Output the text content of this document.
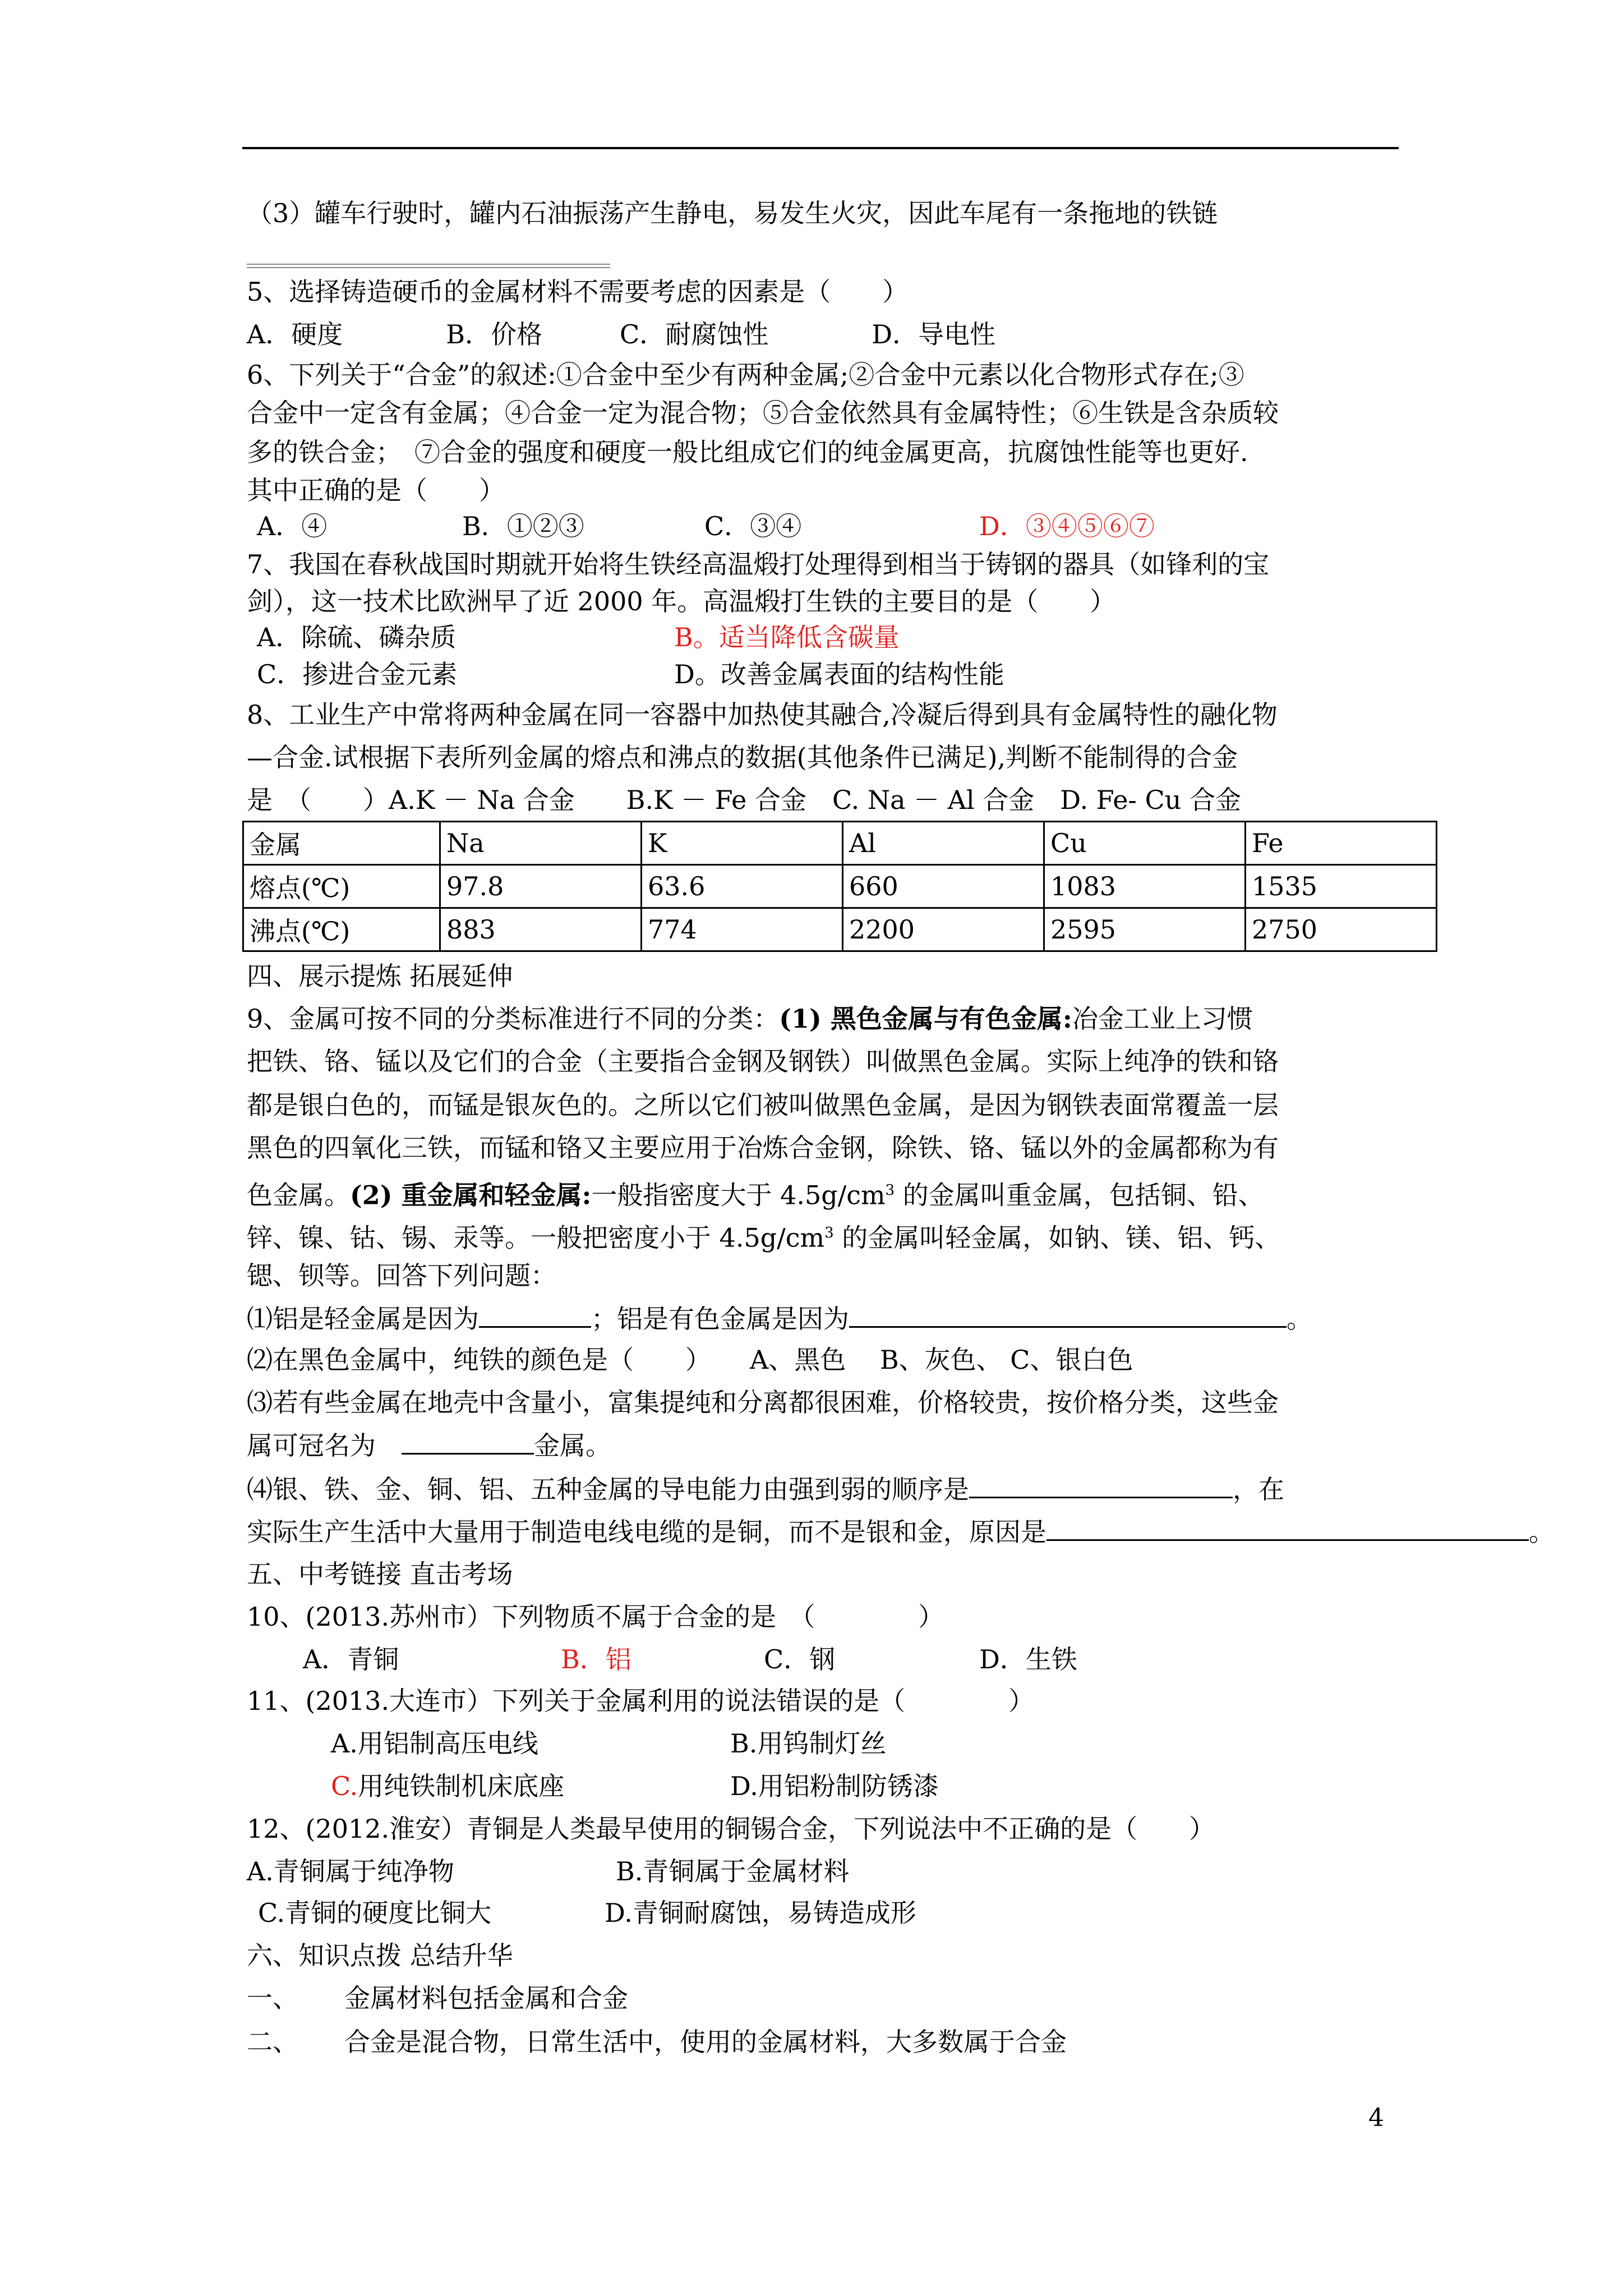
（3）罐车行驶时，罐内石油振荡产生静电，易发生火灾，因此车尾有一条拖地的铁链
5、选择铸造硬币的金属材料不需要考虑的因素是（　　）
A．硬度　　　　B．价格　　　C．耐腐蚀性　　　　D．导电性
6、下列关于“合金”的叙述:①合金中至少有两种金属;②合金中元素以化合物形式存在;③
合金中一定含有金属；④合金一定为混合物；⑤合金依然具有金属特性；⑥生铁是含杂质较
多的铁合金；　⑦合金的强度和硬度一般比组成它们的纯金属更高，抗腐蚀性能等也更好.
其中正确的是（　　）
A．④	B．①②③	C．③④	D．③④⑤⑥⑦
7、我国在春秋战国时期就开始将生铁经高温煅打处理得到相当于铸钢的器具（如锋利的宝
剑），这一技术比欧洲早了近 2000 年。高温煅打生铁的主要目的是（　　）
A．除硫、磷杂质	B。适当降低含碳量
C．掺进合金元素	D。改善金属表面的结构性能
8、工业生产中常将两种金属在同一容器中加热使其融合,冷凝后得到具有金属特性的融化物
—合金.试根据下表所列金属的熔点和沸点的数据(其他条件已满足),判断不能制得的合金
是　（　　）A.K － Na 合金　　B.K － Fe 合金　C. Na － Al 合金　D. Fe- Cu 合金
金属	Na	K	Al	Cu	Fe
熔点(℃)	97.8	63.6	660	1083	1535
沸点(℃)	883	774	2200	2595	2750
四、展示提炼 拓展延伸
9、金属可按不同的分类标准进行不同的分类：(1) 黑色金属与有色金属:冶金工业上习惯
把铁、铬、锰以及它们的合金（主要指合金钢及钢铁）叫做黑色金属。实际上纯净的铁和铬
都是银白色的，而锰是银灰色的。之所以它们被叫做黑色金属，是因为钢铁表面常覆盖一层
黑色的四氧化三铁，而锰和铬又主要应用于冶炼合金钢，除铁、铬、锰以外的金属都称为有
色金属。(2) 重金属和轻金属:一般指密度大于 $4.5g/cm^3$ 的金属叫重金属，包括铜、铅、
锌、镍、钴、锡、汞等。一般把密度小于 $4.5g/cm^3$ 的金属叫轻金属，如钠、镁、铝、钙、
锶、钡等。回答下列问题：
⑴铝是轻金属是因为	；铝是有色金属是因为	。
⑵在黑色金属中，纯铁的颜色是（　　）　　A、黑色　 B、灰色、 C、银白色
⑶若有些金属在地壳中含量小，富集提纯和分离都很困难，价格较贵，按价格分类，这些金
属可冠名为　	金属。
⑷银、铁、金、铜、铝、五种金属的导电能力由强到弱的顺序是	，在
实际生产生活中大量用于制造电线电缆的是铜，而不是银和金，原因是	。
五、中考链接 直击考场
10、(2013.苏州市）下列物质不属于合金的是　（　　　　）
A．青铜	B．铝	C．钢	D．生铁
11、(2013.大连市）下列关于金属利用的说法错误的是（　　　　）
A.用铝制高压电线	B.用钨制灯丝
C.用纯铁制机床底座	D.用铝粉制防锈漆
12、(2012.淮安）青铜是人类最早使用的铜锡合金，下列说法中不正确的是（　　）
A.青铜属于纯净物	B.青铜属于金属材料
C.青铜的硬度比铜大	D.青铜耐腐蚀，易铸造成形
六、知识点拨 总结升华
一、 金属材料包括金属和合金
二、 合金是混合物，日常生活中，使用的金属材料，大多数属于合金
4
